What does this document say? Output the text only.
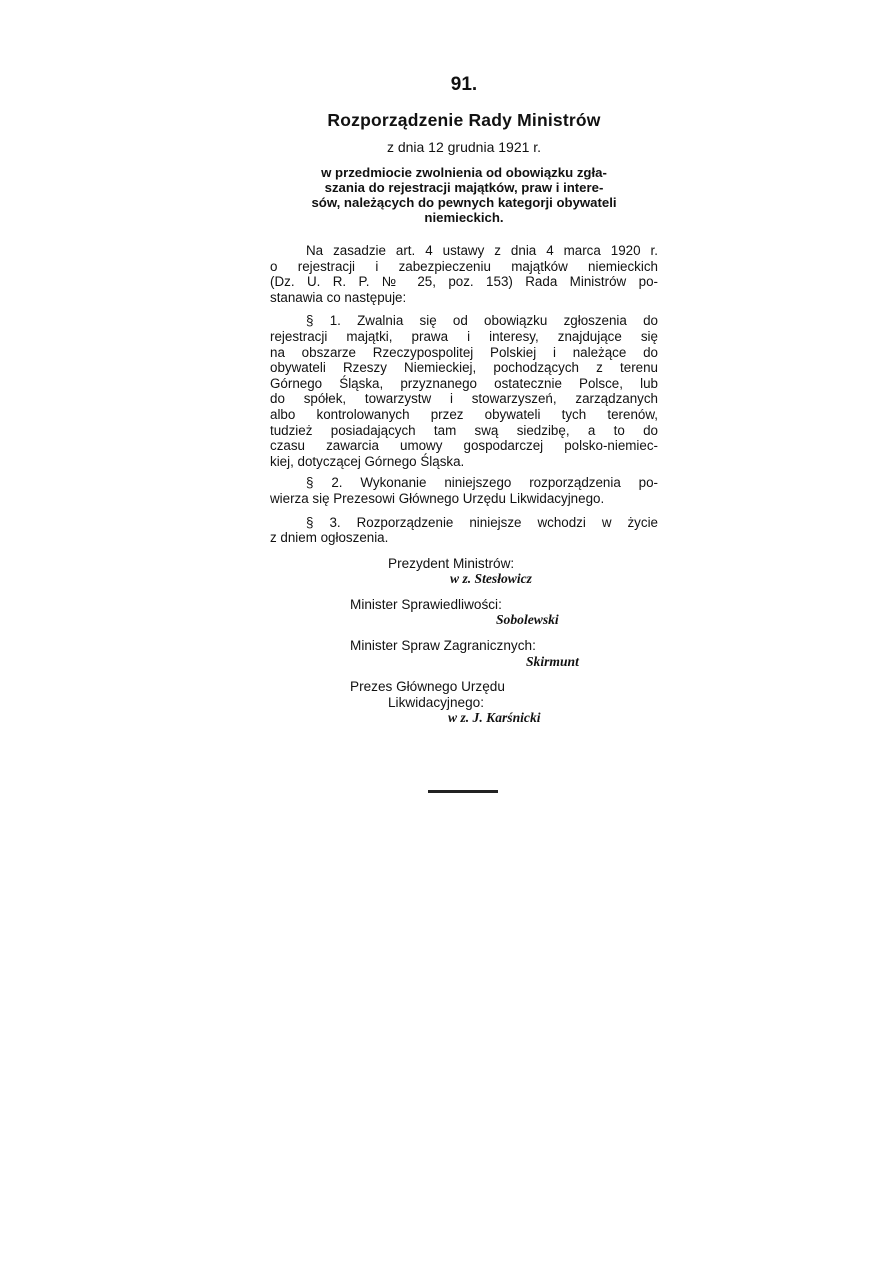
91.
Rozporządzenie Rady Ministrów
z dnia 12 grudnia 1921 r.
w przedmiocie zwolnienia od obowiązku zgła-
szania do rejestracji majątków, praw i intere-
sów, należących do pewnych kategorji obywateli
niemieckich.
Na zasadzie art. 4 ustawy z dnia 4 marca 1920 r.
o rejestracji i zabezpieczeniu majątków niemieckich
(Dz. U. R. P. № 25, poz. 153) Rada Ministrów po-
stanawia co następuje:
§ 1. Zwalnia się od obowiązku zgłoszenia do
rejestracji majątki, prawa i interesy, znajdujące się
na obszarze Rzeczypospolitej Polskiej i należące do
obywateli Rzeszy Niemieckiej, pochodzących z terenu
Górnego Śląska, przyznanego ostatecznie Polsce, lub
do spółek, towarzystw i stowarzyszeń, zarządzanych
albo kontrolowanych przez obywateli tych terenów,
tudzież posiadających tam swą siedzibę, a to do
czasu zawarcia umowy gospodarczej polsko-niemiec-
kiej, dotyczącej Górnego Śląska.
§ 2. Wykonanie niniejszego rozporządzenia po-
wierza się Prezesowi Głównego Urzędu Likwidacyjnego.
§ 3. Rozporządzenie niniejsze wchodzi w życie
z dniem ogłoszenia.
Prezydent Ministrów:
w z. Stesłowicz
Minister Sprawiedliwości:
Sobolewski
Minister Spraw Zagranicznych:
Skirmunt
Prezes Głównego Urzędu
Likwidacyjnego:
w z. J. Karśnicki
